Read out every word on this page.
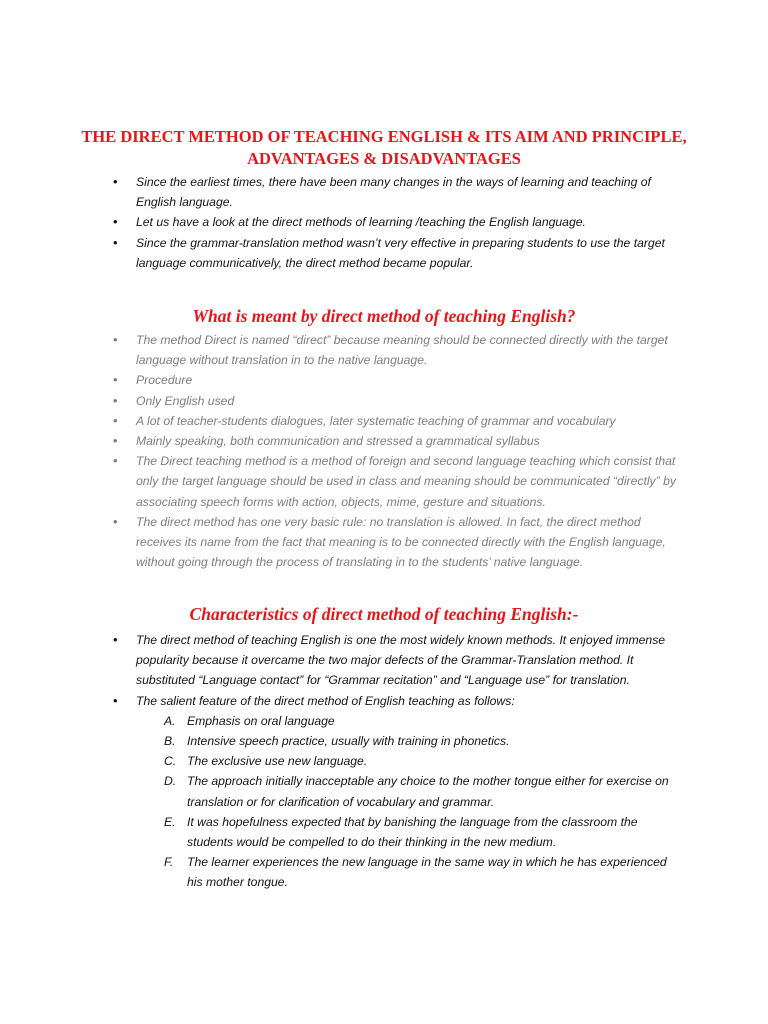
THE DIRECT METHOD OF TEACHING ENGLISH & ITS AIM AND PRINCIPLE,
ADVANTAGES & DISADVANTAGES
• Since the earliest times, there have been many changes in the ways of learning and teaching of English language.
• Let us have a look at the direct methods of learning /teaching the English language.
• Since the grammar-translation method wasn’t very effective in preparing students to use the target language communicatively, the direct method became popular.
What is meant by direct method of teaching English?
• The method Direct is named “direct” because meaning should be connected directly with the target language without translation in to the native language.
• Procedure
• Only English used
• A lot of teacher-students dialogues, later systematic teaching of grammar and vocabulary
• Mainly speaking, both communication and stressed a grammatical syllabus
• The Direct teaching method is a method of foreign and second language teaching which consist that only the target language should be used in class and meaning should be communicated “directly” by associating speech forms with action, objects, mime, gesture and situations.
• The direct method has one very basic rule: no translation is allowed. In fact, the direct method receives its name from the fact that meaning is to be connected directly with the English language, without going through the process of translating in to the students’ native language.
Characteristics of direct method of teaching English:-
• The direct method of teaching English is one the most widely known methods. It enjoyed immense popularity because it overcame the two major defects of the Grammar-Translation method. It substituted “Language contact” for “Grammar recitation” and “Language use” for translation.
• The salient feature of the direct method of English teaching as follows:
A. Emphasis on oral language
B. Intensive speech practice, usually with training in phonetics.
C. The exclusive use new language.
D. The approach initially inacceptable any choice to the mother tongue either for exercise on translation or for clarification of vocabulary and grammar.
E. It was hopefulness expected that by banishing the language from the classroom the students would be compelled to do their thinking in the new medium.
F. The learner experiences the new language in the same way in which he has experienced his mother tongue.
